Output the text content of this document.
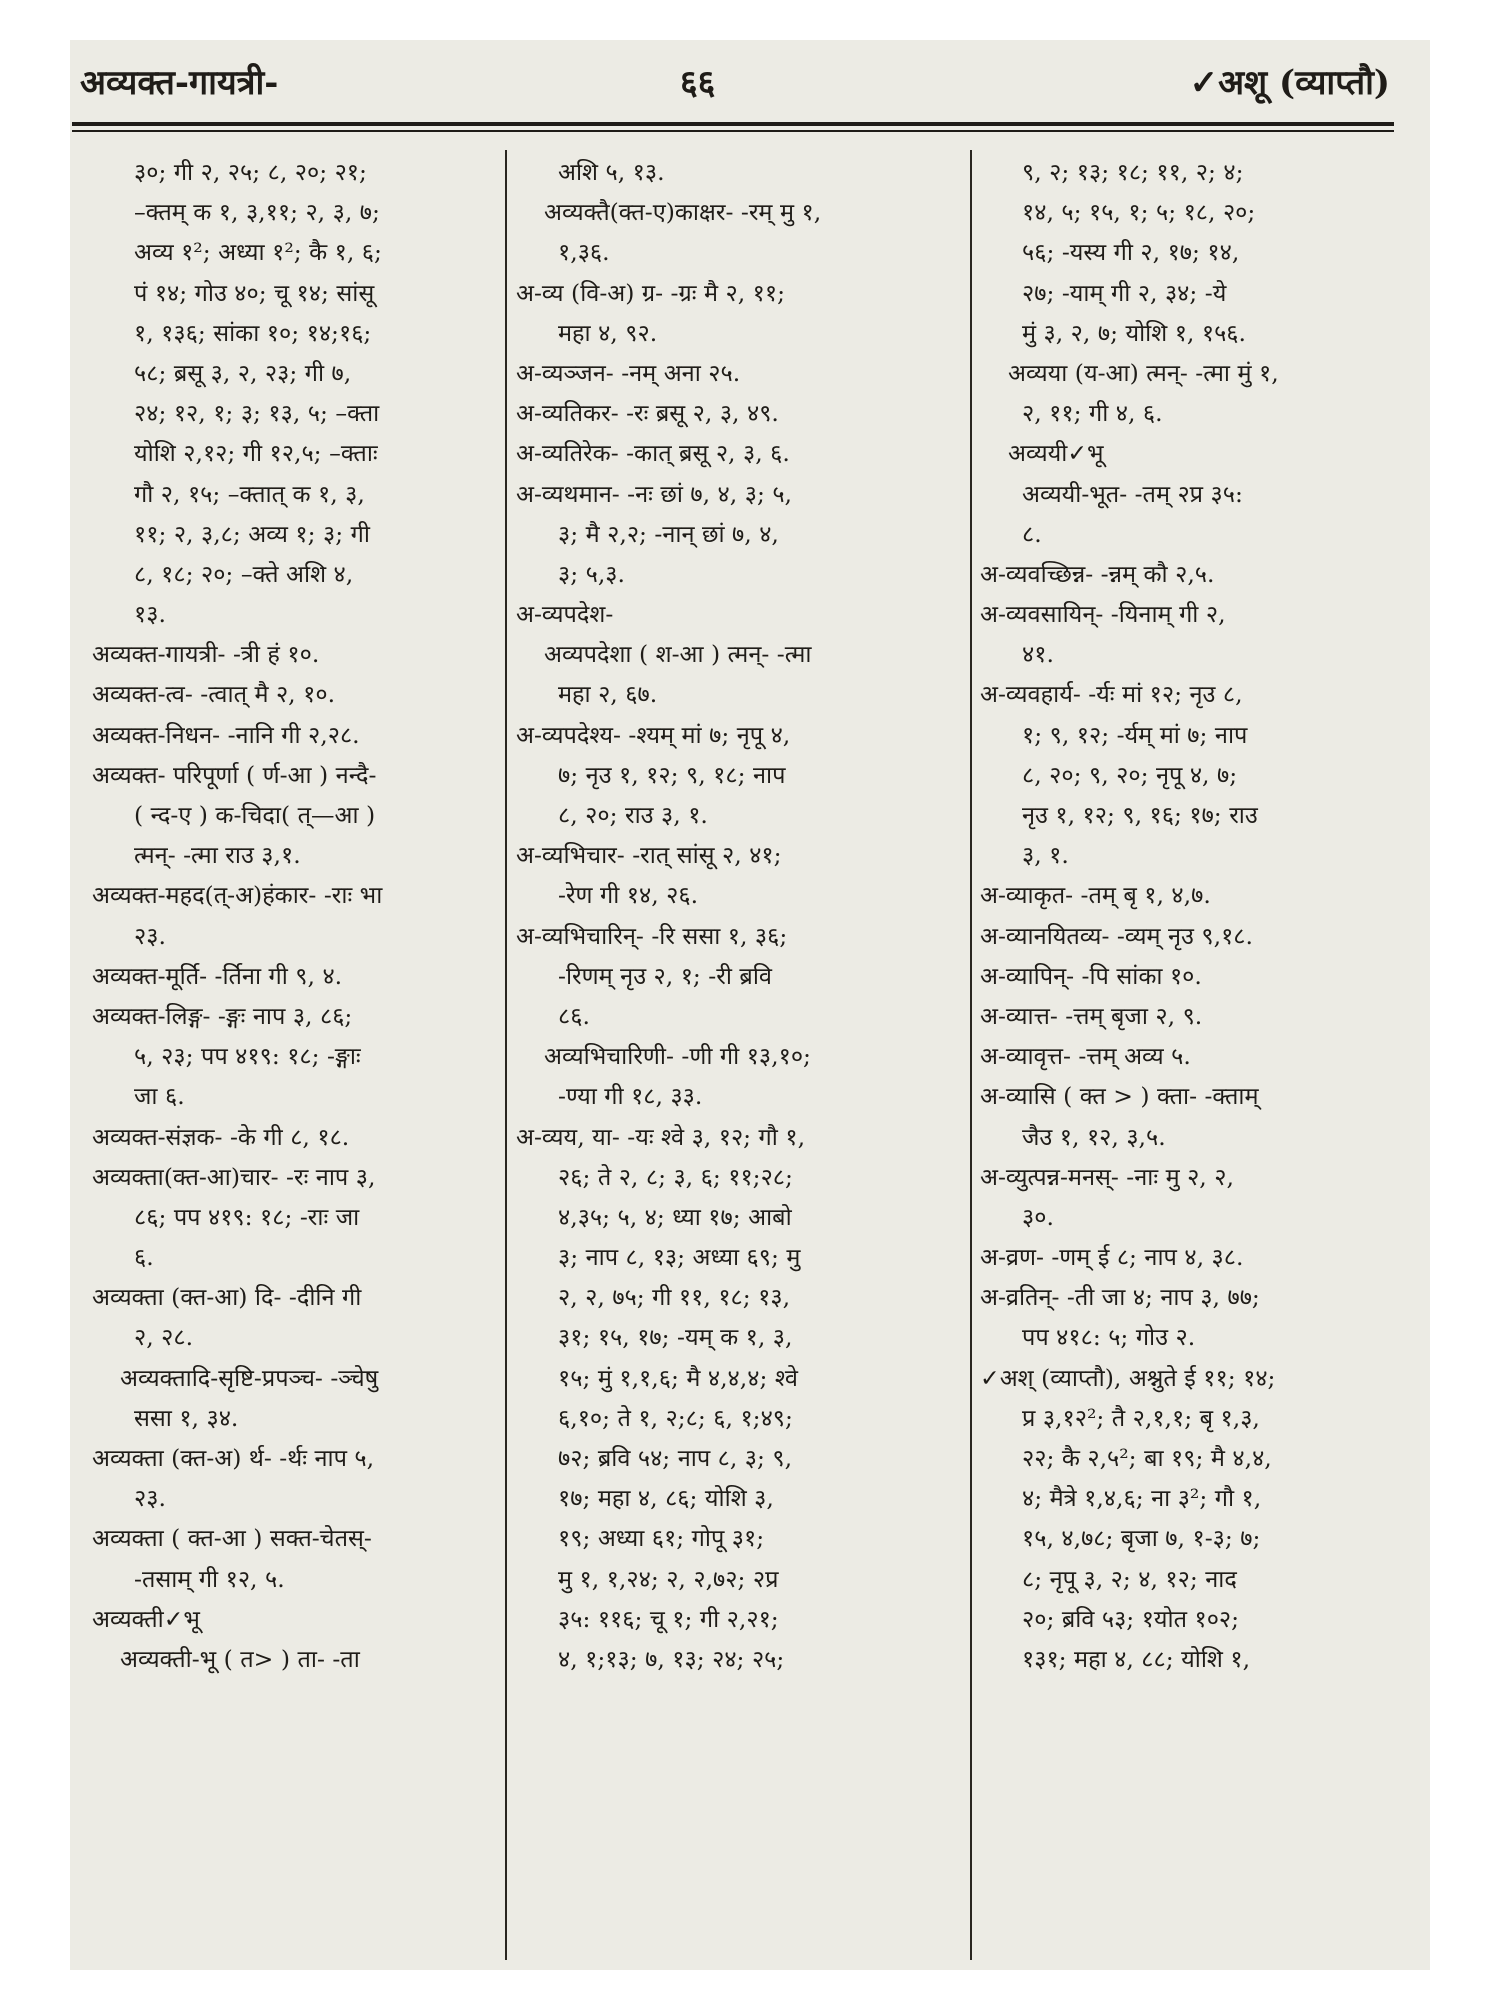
अव्यक्त-गायत्री-	६६	✓अशू (व्याप्तौ)
३०; गी २, २५; ८, २०; २१;
–क्तम् क १, ३,११; २, ३, ७;
अव्य १²; अध्या १²; कै १, ६;
पं १४; गोउ ४०; चू १४; सांसू
१, १३६; सांका १०; १४;१६;
५८; ब्रसू ३, २, २३; गी ७,
२४; १२, १; ३; १३, ५; –क्ता
योशि २,१२; गी १२,५; –क्ताः
गौ २, १५; –क्तात् क १, ३,
११; २, ३,८; अव्य १; ३; गी
८, १८; २०; –क्ते अशि ४,
१३.
अव्यक्त-गायत्री- -त्री हं १०.
अव्यक्त-त्व- -त्वात् मै २, १०.
अव्यक्त-निधन- -नानि गी २,२८.
अव्यक्त- परिपूर्णा ( र्ण-आ ) नन्दै-
( न्द-ए ) क-चिदा( त्—आ )
त्मन्- -त्मा राउ ३,१.
अव्यक्त-महद(त्-अ)हंकार- -राः भा
२३.
अव्यक्त-मूर्ति- -र्तिना गी ९, ४.
अव्यक्त-लिङ्ग- -ङ्गः नाप ३, ८६;
५, २३; पप ४१९: १८; -ङ्गाः
जा ६.
अव्यक्त-संज्ञक- -के गी ८, १८.
अव्यक्ता(क्त-आ)चार- -रः नाप ३,
८६; पप ४१९: १८; -राः जा
६.
अव्यक्ता (क्त-आ) दि- -दीनि गी
२, २८.
अव्यक्तादि-सृष्टि-प्रपञ्च- -ञ्चेषु
ससा १, ३४.
अव्यक्ता (क्त-अ) र्थ- -र्थः नाप ५,
२३.
अव्यक्ता ( क्त-आ ) सक्त-चेतस्-
-तसाम् गी १२, ५.
अव्यक्ती✓भू
अव्यक्ती-भू ( त> ) ता- -ता
अशि ५, १३.
अव्यक्तै(क्त-ए)काक्षर- -रम् मु १,
१,३६.
अ-व्य (वि-अ) ग्र- -ग्रः मै २, ११;
महा ४, ९२.
अ-व्यञ्जन- -नम् अना २५.
अ-व्यतिकर- -रः ब्रसू २, ३, ४९.
अ-व्यतिरेक- -कात् ब्रसू २, ३, ६.
अ-व्यथमान- -नः छां ७, ४, ३; ५,
३; मै २,२; -नान् छां ७, ४,
३; ५,३.
अ-व्यपदेश-
अव्यपदेशा ( श-आ ) त्मन्- -त्मा
महा २, ६७.
अ-व्यपदेश्य- -श्यम् मां ७; नृपू ४,
७; नृउ १, १२; ९, १८; नाप
८, २०; राउ ३, १.
अ-व्यभिचार- -रात् सांसू २, ४१;
-रेण गी १४, २६.
अ-व्यभिचारिन्- -रि ससा १, ३६;
-रिणम् नृउ २, १; -री ब्रवि
८६.
अव्यभिचारिणी- -णी गी १३,१०;
-ण्या गी १८, ३३.
अ-व्यय, या- -यः श्वे ३, १२; गौ १,
२६; ते २, ८; ३, ६; ११;२८;
४,३५; ५, ४; ध्या १७; आबो
३; नाप ८, १३; अध्या ६९; मु
२, २, ७५; गी ११, १८; १३,
३१; १५, १७; -यम् क १, ३,
१५; मुं १,१,६; मै ४,४,४; श्वे
६,१०; ते १, २;८; ६, १;४९;
७२; ब्रवि ५४; नाप ८, ३; ९,
१७; महा ४, ८६; योशि ३,
१९; अध्या ६१; गोपू ३१;
मु १, १,२४; २, २,७२; २प्र
३५: ११६; चू १; गी २,२१;
४, १;१३; ७, १३; २४; २५;
९, २; १३; १८; ११, २; ४;
१४, ५; १५, १; ५; १८, २०;
५६; -यस्य गी २, १७; १४,
२७; -याम् गी २, ३४; -ये
मुं ३, २, ७; योशि १, १५६.
अव्यया (य-आ) त्मन्- -त्मा मुं १,
२, ११; गी ४, ६.
अव्ययी✓भू
अव्ययी-भूत- -तम् २प्र ३५:
८.
अ-व्यवच्छिन्न- -न्नम् कौ २,५.
अ-व्यवसायिन्- -यिनाम् गी २,
४१.
अ-व्यवहार्य- -र्यः मां १२; नृउ ८,
१; ९, १२; -र्यम् मां ७; नाप
८, २०; ९, २०; नृपू ४, ७;
नृउ १, १२; ९, १६; १७; राउ
३, १.
अ-व्याकृत- -तम् बृ १, ४,७.
अ-व्यानयितव्य- -व्यम् नृउ ९,१८.
अ-व्यापिन्- -पि सांका १०.
अ-व्यात्त- -त्तम् बृजा २, ९.
अ-व्यावृत्त- -त्तम् अव्य ५.
अ-व्यासि ( क्त > ) क्ता- -क्ताम्
जैउ १, १२, ३,५.
अ-व्युत्पन्न-मनस्- -नाः मु २, २,
३०.
अ-व्रण- -णम् ई ८; नाप ४, ३८.
अ-व्रतिन्- -ती जा ४; नाप ३, ७७;
पप ४१८: ५; गोउ २.
✓अश् (व्याप्तौ), अश्नुते ई ११; १४;
प्र ३,१२²; तै २,१,१; बृ १,३,
२२; कै २,५²; बा १९; मै ४,४,
४; मैत्रे १,४,६; ना ३²; गौ १,
१५, ४,७८; बृजा ७, १-३; ७;
८; नृपू ३, २; ४, १२; नाद
२०; ब्रवि ५३; १योत १०२;
१३१; महा ४, ८८; योशि १,
